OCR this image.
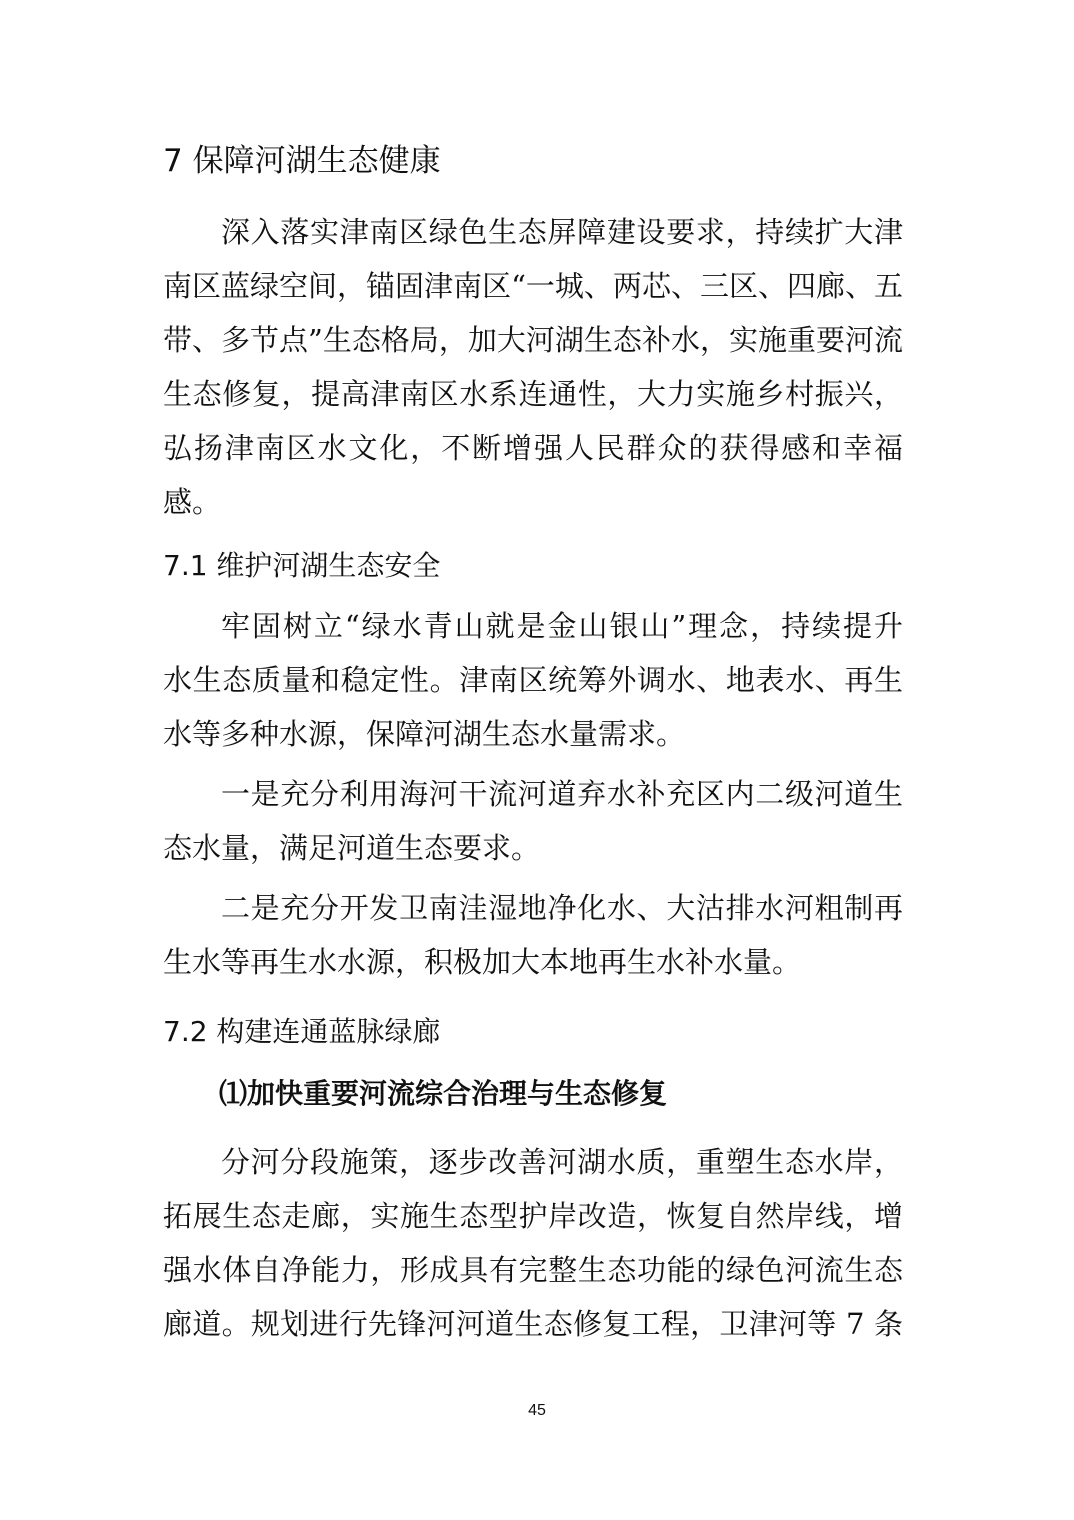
7 保障河湖生态健康
深入落实津南区绿色生态屏障建设要求，持续扩大津
南区蓝绿空间，锚固津南区“一城、两芯、三区、四廊、五
带、多节点”生态格局，加大河湖生态补水，实施重要河流
生态修复，提高津南区水系连通性，大力实施乡村振兴，
弘扬津南区水文化，不断增强人民群众的获得感和幸福
感。
7.1 维护河湖生态安全
牢固树立“绿水青山就是金山银山”理念，持续提升
水生态质量和稳定性。津南区统筹外调水、地表水、再生
水等多种水源，保障河湖生态水量需求。
一是充分利用海河干流河道弃水补充区内二级河道生
态水量，满足河道生态要求。
二是充分开发卫南洼湿地净化水、大沽排水河粗制再
生水等再生水水源，积极加大本地再生水补水量。
7.2 构建连通蓝脉绿廊
⑴加快重要河流综合治理与生态修复
分河分段施策，逐步改善河湖水质，重塑生态水岸，
拓展生态走廊，实施生态型护岸改造，恢复自然岸线，增
强水体自净能力，形成具有完整生态功能的绿色河流生态
廊道。规划进行先锋河河道生态修复工程，卫津河等 7 条
45
